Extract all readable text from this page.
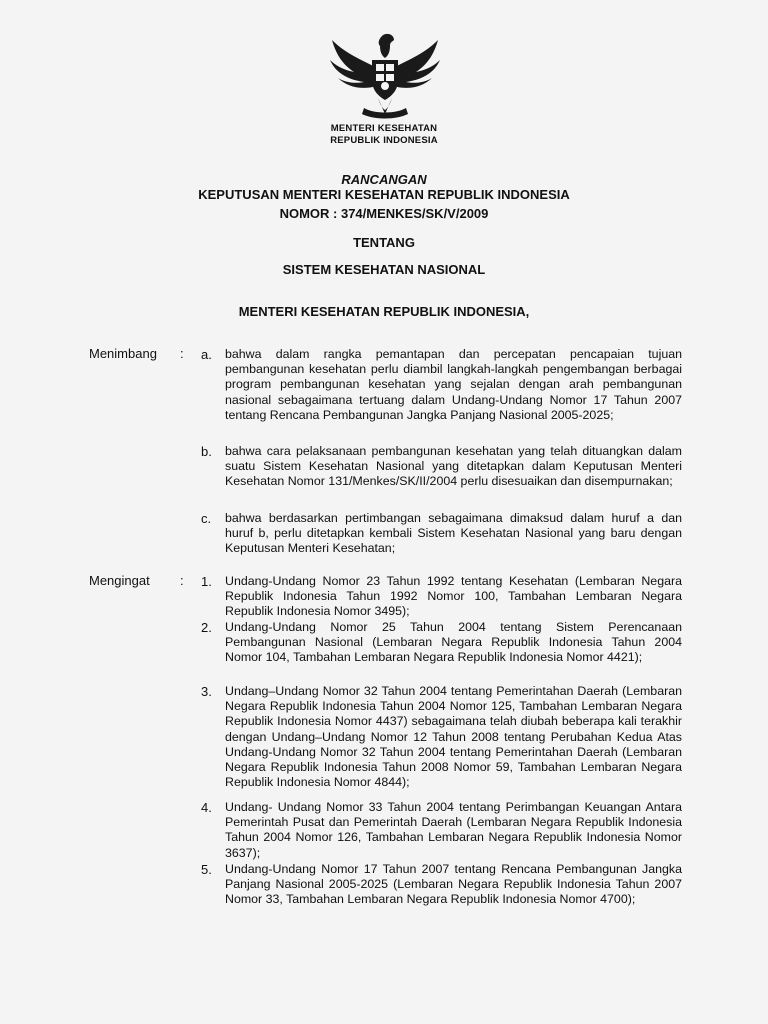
MENTERI KESEHATAN
REPUBLIK INDONESIA
RANCANGAN
KEPUTUSAN MENTERI KESEHATAN REPUBLIK INDONESIA
NOMOR : 374/MENKES/SK/V/2009
TENTANG
SISTEM KESEHATAN NASIONAL
MENTERI KESEHATAN REPUBLIK INDONESIA,
Menimbang : a.	bahwa dalam rangka pemantapan dan percepatan pencapaian tujuan pembangunan kesehatan perlu diambil langkah-langkah pengembangan berbagai program pembangunan kesehatan yang sejalan dengan arah pembangunan nasional sebagaimana tertuang dalam Undang-Undang Nomor 17 Tahun 2007 tentang Rencana Pembangunan Jangka Panjang Nasional 2005-2025;
b.	bahwa cara pelaksanaan pembangunan kesehatan yang telah dituangkan dalam suatu Sistem Kesehatan Nasional yang ditetapkan dalam Keputusan Menteri Kesehatan Nomor 131/Menkes/SK/II/2004 perlu disesuaikan dan disempurnakan;
c.	bahwa berdasarkan pertimbangan sebagaimana dimaksud dalam huruf a dan huruf b, perlu ditetapkan kembali Sistem Kesehatan Nasional yang baru dengan Keputusan Menteri Kesehatan;
Mengingat : 1.	Undang-Undang Nomor 23 Tahun 1992 tentang Kesehatan (Lembaran Negara Republik Indonesia Tahun 1992 Nomor 100, Tambahan Lembaran Negara Republik Indonesia Nomor 3495);
2.	Undang-Undang Nomor 25 Tahun 2004 tentang Sistem Perencanaan Pembangunan Nasional (Lembaran Negara Republik Indonesia Tahun 2004 Nomor 104, Tambahan Lembaran Negara Republik Indonesia Nomor 4421);
3.	Undang–Undang Nomor 32 Tahun 2004 tentang Pemerintahan Daerah (Lembaran Negara Republik Indonesia Tahun 2004 Nomor 125, Tambahan Lembaran Negara Republik Indonesia Nomor 4437) sebagaimana telah diubah beberapa kali terakhir dengan Undang–Undang Nomor 12 Tahun 2008 tentang Perubahan Kedua Atas Undang-Undang Nomor 32 Tahun 2004 tentang Pemerintahan Daerah (Lembaran Negara Republik Indonesia Tahun 2008 Nomor 59, Tambahan Lembaran Negara Republik Indonesia Nomor 4844);
4.	Undang- Undang Nomor 33 Tahun 2004 tentang Perimbangan Keuangan Antara Pemerintah Pusat dan Pemerintah Daerah (Lembaran Negara Republik Indonesia Tahun 2004 Nomor 126, Tambahan Lembaran Negara Republik Indonesia Nomor 3637);
5.	Undang-Undang Nomor 17 Tahun 2007 tentang Rencana Pembangunan Jangka Panjang Nasional 2005-2025 (Lembaran Negara Republik Indonesia Tahun 2007 Nomor 33, Tambahan Lembaran Negara Republik Indonesia Nomor 4700);
